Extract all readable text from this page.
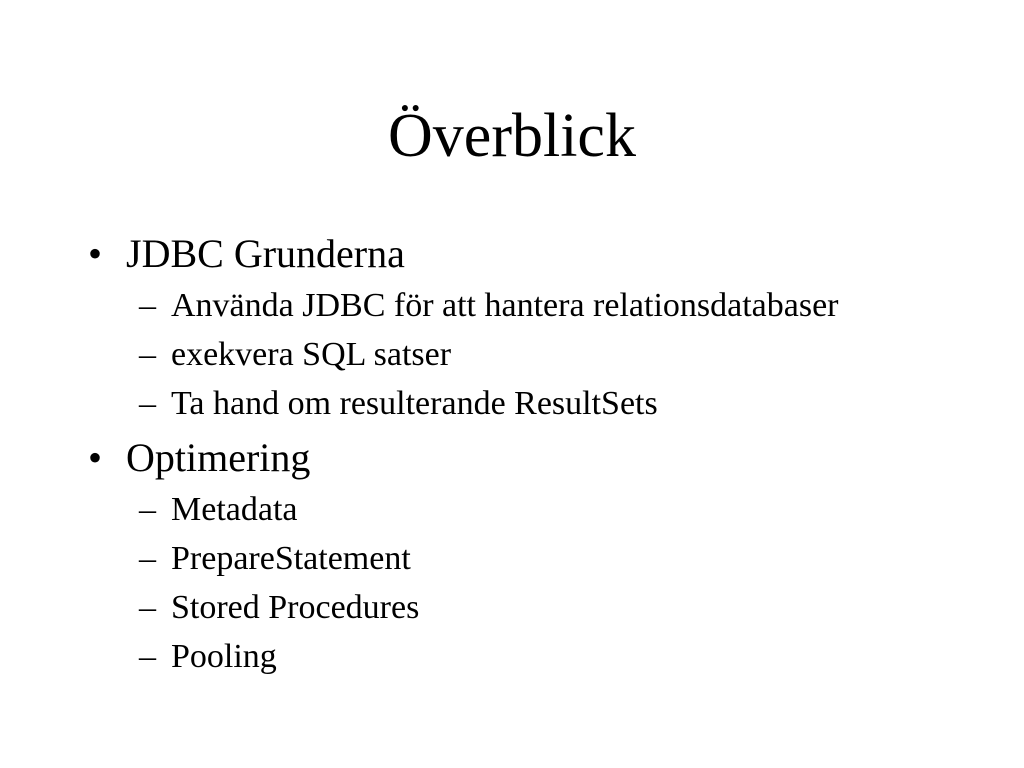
Överblick
• JDBC Grunderna
– Använda JDBC för att hantera relationsdatabaser
– exekvera SQL satser
– Ta hand om resulterande ResultSets
• Optimering
– Metadata
– PrepareStatement
– Stored Procedures
– Pooling
